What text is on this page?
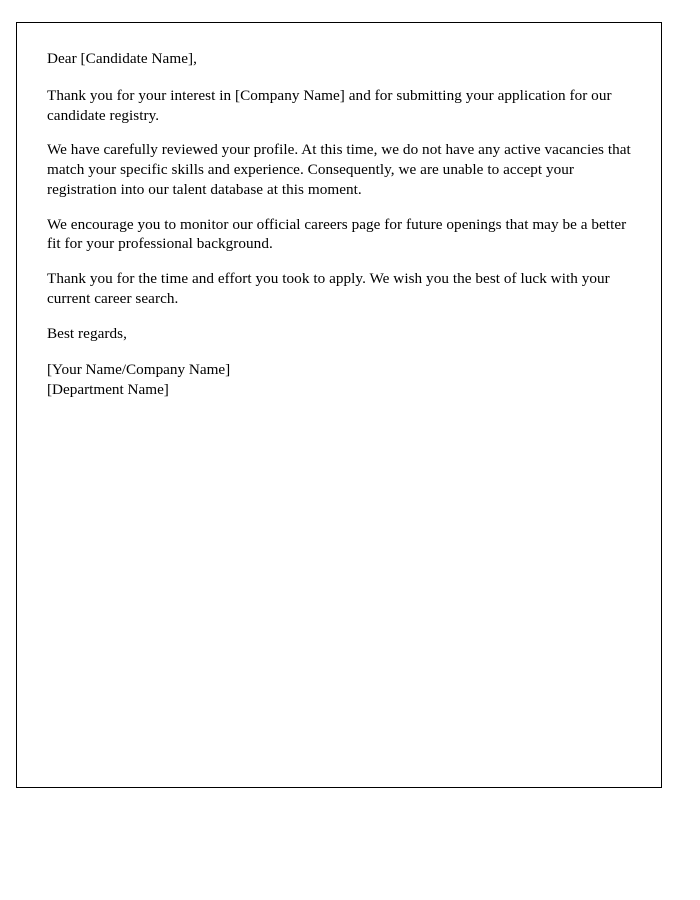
Dear [Candidate Name],

Thank you for your interest in [Company Name] and for submitting your application for our candidate registry.

We have carefully reviewed your profile. At this time, we do not have any active vacancies that match your specific skills and experience. Consequently, we are unable to accept your registration into our talent database at this moment.

We encourage you to monitor our official careers page for future openings that may be a better fit for your professional background.

Thank you for the time and effort you took to apply. We wish you the best of luck with your current career search.

Best regards,

[Your Name/Company Name]
[Department Name]
